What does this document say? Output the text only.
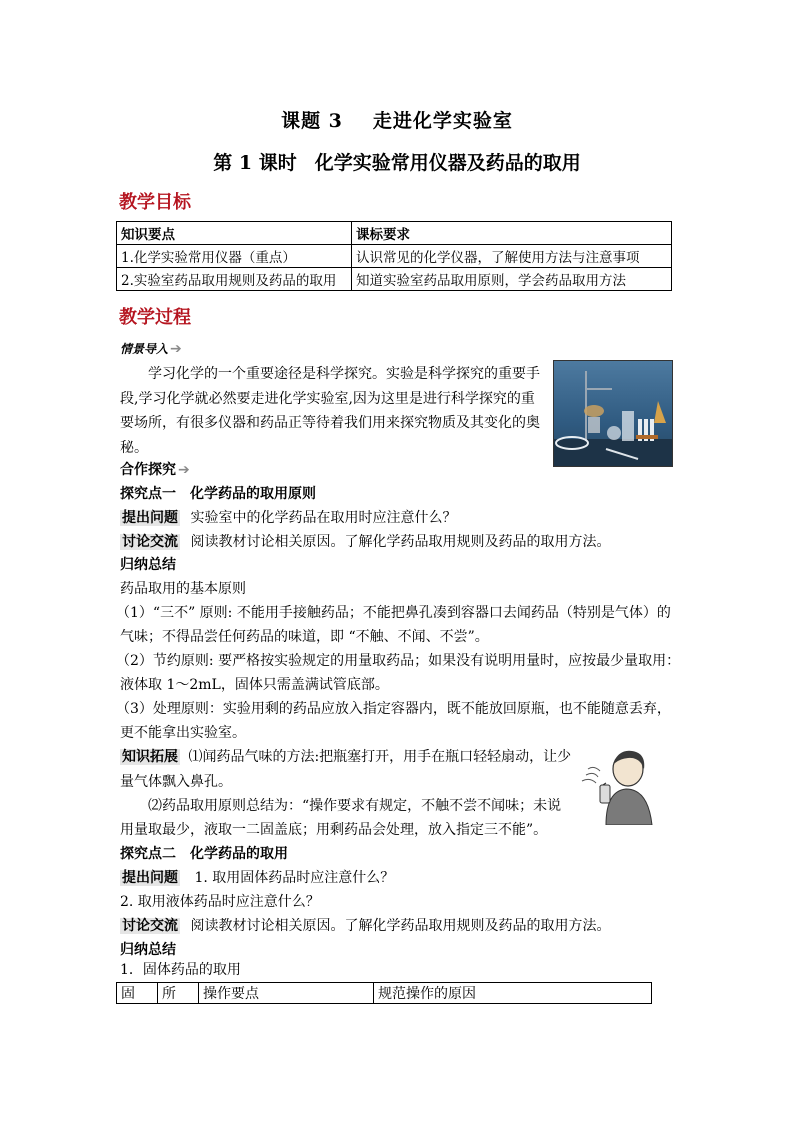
课题 3 走进化学实验室
第 1 课时 化学实验常用仪器及药品的取用
教学目标
知识要点	课标要求
1.化学实验常用仪器（重点）	认识常见的化学仪器，了解使用方法与注意事项
2.实验室药品取用规则及药品的取用	知道实验室药品取用原则，学会药品取用方法
教学过程
情景导入 ➔
学习化学的一个重要途径是科学探究。实验是科学探究的重要手
段,学习化学就必然要走进化学实验室,因为这里是进行科学探究的重
要场所，有很多仪器和药品正等待着我们用来探究物质及其变化的奥
秘。
合作探究 ➔
探究点一　化学药品的取用原则
提出问题 实验室中的化学药品在取用时应注意什么？
讨论交流 阅读教材讨论相关原因。了解化学药品取用规则及药品的取用方法。
归纳总结
药品取用的基本原则
（1）“三不” 原则: 不能用手接触药品；不能把鼻孔凑到容器口去闻药品（特别是气体）的
气味；不得品尝任何药品的味道，即 “不触、不闻、不尝”。
（2）节约原则: 要严格按实验规定的用量取药品；如果没有说明用量时，应按最少量取用：
液体取 1～2mL，固体只需盖满试管底部。
（3）处理原则：实验用剩的药品应放入指定容器内，既不能放回原瓶，也不能随意丢弃，
更不能拿出实验室。
知识拓展 ⑴闻药品气味的方法:把瓶塞打开，用手在瓶口轻轻扇动，让少
量气体飘入鼻孔。
⑵药品取用原则总结为：“操作要求有规定，不触不尝不闻味；未说
用量取最少，液取一二固盖底；用剩药品会处理，放入指定三不能”。
探究点二　化学药品的取用
提出问题 1. 取用固体药品时应注意什么？
2. 取用液体药品时应注意什么？
讨论交流 阅读教材讨论相关原因。了解化学药品取用规则及药品的取用方法。
归纳总结
1．固体药品的取用
固	所	操作要点	规范操作的原因
